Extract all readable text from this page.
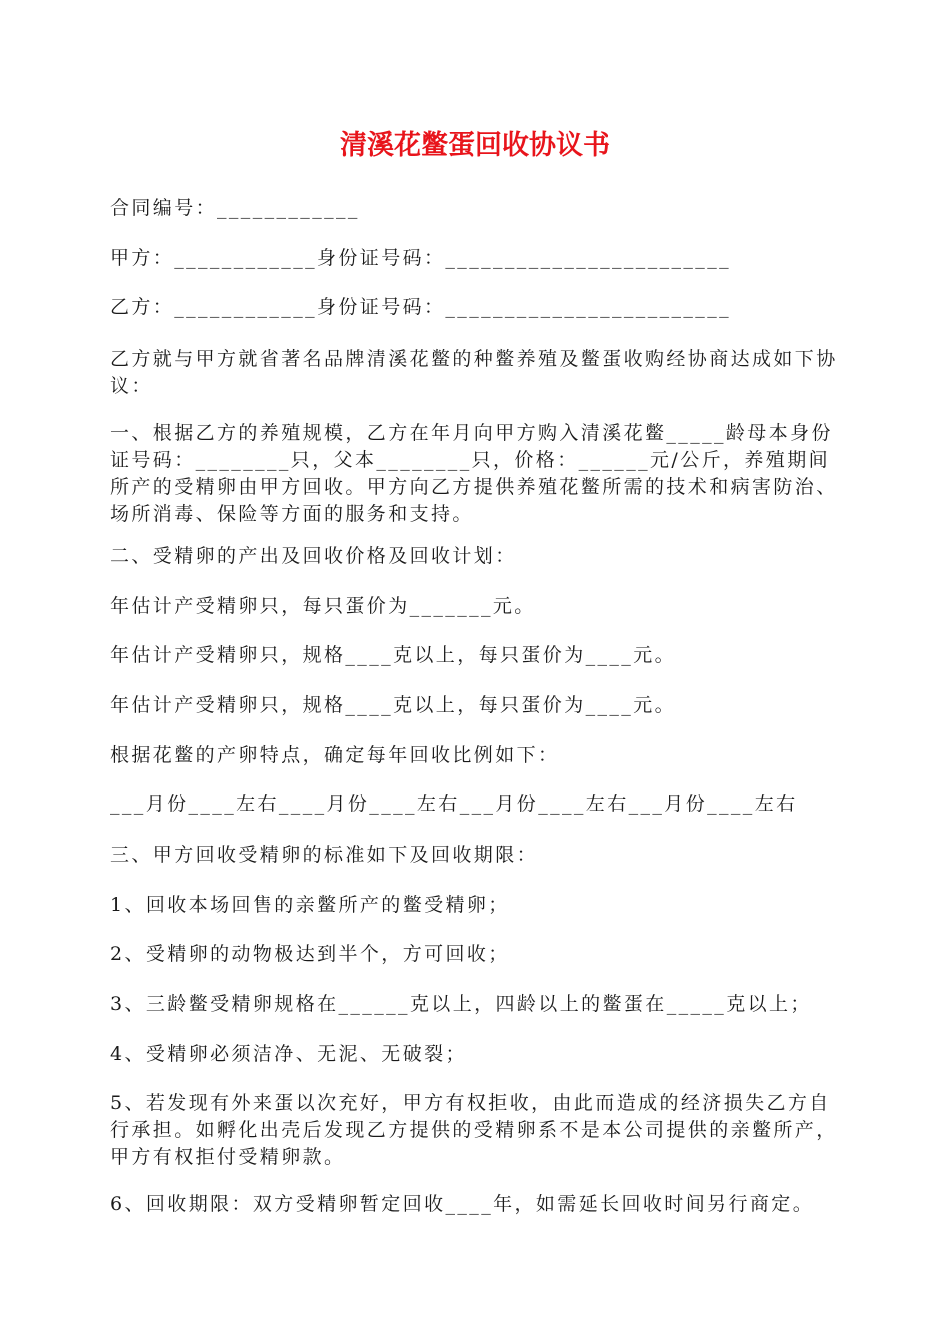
清溪花鳖蛋回收协议书
合同编号：____________
甲方：____________身份证号码：________________________
乙方：____________身份证号码：________________________
乙方就与甲方就省著名品牌清溪花鳖的种鳖养殖及鳖蛋收购经协商达成如下协议：
一、根据乙方的养殖规模，乙方在年月向甲方购入清溪花鳖_____龄母本身份证号码：________只，父本________只，价格：______元/公斤，养殖期间所产的受精卵由甲方回收。甲方向乙方提供养殖花鳖所需的技术和病害防治、场所消毒、保险等方面的服务和支持。
二、受精卵的产出及回收价格及回收计划：
年估计产受精卵只，每只蛋价为_______元。
年估计产受精卵只，规格____克以上，每只蛋价为____元。
年估计产受精卵只，规格____克以上，每只蛋价为____元。
根据花鳖的产卵特点，确定每年回收比例如下：
___月份____左右____月份____左右___月份____左右___月份____左右
三、甲方回收受精卵的标准如下及回收期限：
1、回收本场回售的亲鳖所产的鳖受精卵；
2、受精卵的动物极达到半个，方可回收；
3、三龄鳖受精卵规格在______克以上，四龄以上的鳖蛋在_____克以上；
4、受精卵必须洁净、无泥、无破裂；
5、若发现有外来蛋以次充好，甲方有权拒收，由此而造成的经济损失乙方自行承担。如孵化出壳后发现乙方提供的受精卵系不是本公司提供的亲鳖所产，甲方有权拒付受精卵款。
6、回收期限：双方受精卵暂定回收____年，如需延长回收时间另行商定。
